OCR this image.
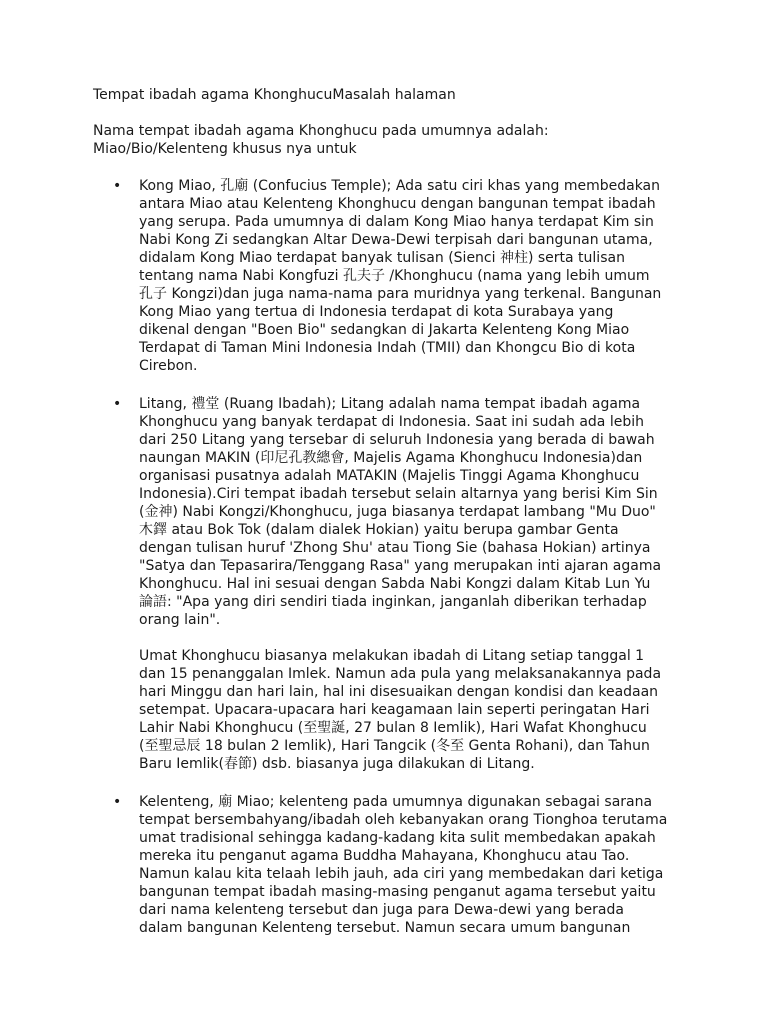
Tempat ibadah agama KhonghucuMasalah halaman

Nama tempat ibadah agama Khonghucu pada umumnya adalah:
Miao/Bio/Kelenteng khusus nya untuk

• Kong Miao, 孔廟 (Confucius Temple); Ada satu ciri khas yang membedakan
antara Miao atau Kelenteng Khonghucu dengan bangunan tempat ibadah
yang serupa. Pada umumnya di dalam Kong Miao hanya terdapat Kim sin
Nabi Kong Zi sedangkan Altar Dewa-Dewi terpisah dari bangunan utama,
didalam Kong Miao terdapat banyak tulisan (Sienci 神柱) serta tulisan
tentang nama Nabi Kongfuzi 孔夫子 /Khonghucu (nama yang lebih umum
孔子 Kongzi)dan juga nama-nama para muridnya yang terkenal. Bangunan
Kong Miao yang tertua di Indonesia terdapat di kota Surabaya yang
dikenal dengan "Boen Bio" sedangkan di Jakarta Kelenteng Kong Miao
Terdapat di Taman Mini Indonesia Indah (TMII) dan Khongcu Bio di kota
Cirebon.

• Litang, 禮堂 (Ruang Ibadah); Litang adalah nama tempat ibadah agama
Khonghucu yang banyak terdapat di Indonesia. Saat ini sudah ada lebih
dari 250 Litang yang tersebar di seluruh Indonesia yang berada di bawah
naungan MAKIN (印尼孔教總會, Majelis Agama Khonghucu Indonesia)dan
organisasi pusatnya adalah MATAKIN (Majelis Tinggi Agama Khonghucu
Indonesia).Ciri tempat ibadah tersebut selain altarnya yang berisi Kim Sin
(金神) Nabi Kongzi/Khonghucu, juga biasanya terdapat lambang "Mu Duo"
木鐸 atau Bok Tok (dalam dialek Hokian) yaitu berupa gambar Genta
dengan tulisan huruf 'Zhong Shu' atau Tiong Sie (bahasa Hokian) artinya
"Satya dan Tepasarira/Tenggang Rasa" yang merupakan inti ajaran agama
Khonghucu. Hal ini sesuai dengan Sabda Nabi Kongzi dalam Kitab Lun Yu
論語: "Apa yang diri sendiri tiada inginkan, janganlah diberikan terhadap
orang lain".

Umat Khonghucu biasanya melakukan ibadah di Litang setiap tanggal 1
dan 15 penanggalan Imlek. Namun ada pula yang melaksanakannya pada
hari Minggu dan hari lain, hal ini disesuaikan dengan kondisi dan keadaan
setempat. Upacara-upacara hari keagamaan lain seperti peringatan Hari
Lahir Nabi Khonghucu (至聖誕, 27 bulan 8 Iemlik), Hari Wafat Khonghucu
(至聖忌辰 18 bulan 2 Iemlik), Hari Tangcik (冬至 Genta Rohani), dan Tahun
Baru Iemlik(春節) dsb. biasanya juga dilakukan di Litang.

• Kelenteng, 廟 Miao; kelenteng pada umumnya digunakan sebagai sarana
tempat bersembahyang/ibadah oleh kebanyakan orang Tionghoa terutama
umat tradisional sehingga kadang-kadang kita sulit membedakan apakah
mereka itu penganut agama Buddha Mahayana, Khonghucu atau Tao.
Namun kalau kita telaah lebih jauh, ada ciri yang membedakan dari ketiga
bangunan tempat ibadah masing-masing penganut agama tersebut yaitu
dari nama kelenteng tersebut dan juga para Dewa-dewi yang berada
dalam bangunan Kelenteng tersebut. Namun secara umum bangunan
